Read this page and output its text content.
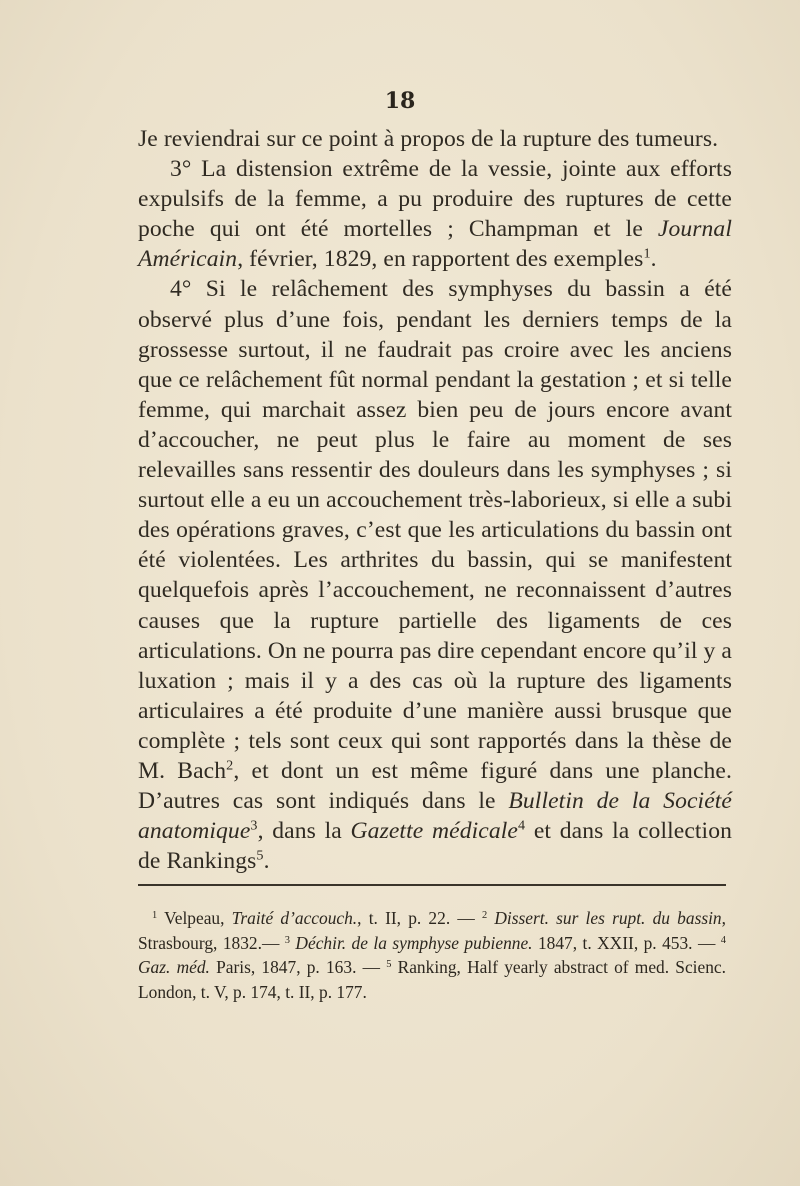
18

Je reviendrai sur ce point à propos de la rupture des tumeurs.

3° La distension extrême de la vessie, jointe aux efforts expulsifs de la femme, a pu produire des ruptures de cette poche qui ont été mortelles ; Champman et le Journal Américain, février, 1829, en rapportent des exemples$^1$.

4° Si le relâchement des symphyses du bassin a été observé plus d’une fois, pendant les derniers temps de la grossesse surtout, il ne faudrait pas croire avec les anciens que ce relâchement fût normal pendant la gestation ; et si telle femme, qui marchait assez bien peu de jours encore avant d’accoucher, ne peut plus le faire au moment de ses relevailles sans ressentir des douleurs dans les symphyses ; si surtout elle a eu un accouchement très-laborieux, si elle a subi des opérations graves, c’est que les articulations du bassin ont été violentées. Les arthrites du bassin, qui se manifestent quelquefois après l’accouchement, ne reconnaissent d’autres causes que la rupture partielle des ligaments de ces articulations. On ne pourra pas dire cependant encore qu’il y a luxation ; mais il y a des cas où la rupture des ligaments articulaires a été produite d’une manière aussi brusque que complète ; tels sont ceux qui sont rapportés dans la thèse de M. Bach$^2$, et dont un est même figuré dans une planche. D’autres cas sont indiqués dans le Bulletin de la Société anatomique$^3$, dans la Gazette médicale$^4$ et dans la collection de Rankings$^5$.

$^1$ Velpeau, Traité d’accouch., t. II, p. 22. — $^2$ Dissert. sur les rupt. du bassin, Strasbourg, 1832.— $^3$ Déchir. de la symphyse pubienne. 1847, t. XXII, p. 453. — $^4$ Gaz. méd. Paris, 1847, p. 163. — $^5$ Ranking, Half yearly abstract of med. Scienc. London, t. V, p. 174, t. II, p. 177.
